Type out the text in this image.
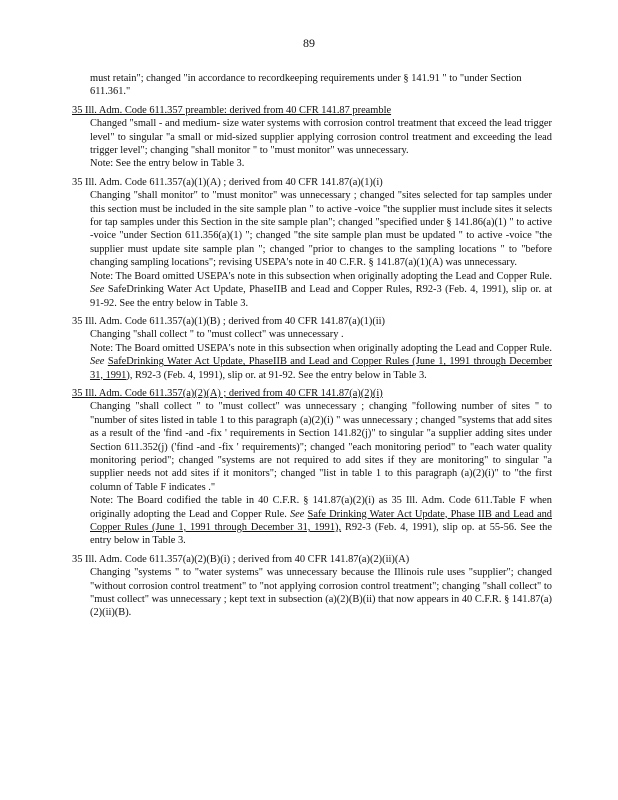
89

must retain"; changed "in accordance to recordkeeping requirements under § 141.91 " to "under Section 611.361."

35 Ill. Adm. Code 611.357 preamble: derived from 40 CFR 141.87 preamble

Changed "small - and medium- size water systems with corrosion control treatment that exceed the lead trigger level" to singular "a small or mid-sized supplier applying corrosion control treatment and exceeding the lead trigger level"; changing "shall monitor " to "must monitor" was unnecessary.

Note: See the entry below in Table 3.

35 Ill. Adm. Code 611.357(a)(1)(A) ; derived from 40 CFR 141.87(a)(1)(i)

Changing "shall monitor" to "must monitor" was unnecessary ; changed "sites selected for tap samples under this section must be included in the site sample plan " to active -voice "the supplier must include sites it selects for tap samples under this Section in the site sample plan"; changed "specified under § 141.86(a)(1) " to active -voice "under Section 611.356(a)(1) "; changed "the site sample plan must be updated " to active -voice "the supplier must update site sample plan "; changed "prior to changes to the sampling locations " to "before changing sampling locations"; revising USEPA's note in 40 C.F.R. § 141.87(a)(1)(A) was unnecessary.

Note: The Board omitted USEPA's note in this subsection when originally adopting the Lead and Copper Rule. See SafeDrinking Water Act Update, PhaseIIB and Lead and Copper Rules, R92-3 (Feb. 4, 1991), slip or. at 91-92. See the entry below in Table 3.

35 Ill. Adm. Code 611.357(a)(1)(B) ; derived from 40 CFR 141.87(a)(1)(ii)

Changing "shall collect " to "must collect" was unnecessary .

Note: The Board omitted USEPA's note in this subsection when originally adopting the Lead and Copper Rule. See SafeDrinking Water Act Update, PhaseIIB and Lead and Copper Rules (June 1, 1991 through December 31, 1991), R92-3 (Feb. 4, 1991), slip or. at 91-92. See the entry below in Table 3.

35 Ill. Adm. Code 611.357(a)(2)(A) ; derived from 40 CFR 141.87(a)(2)(i)

Changing "shall collect " to "must collect" was unnecessary ; changing "following number of sites " to "number of sites listed in table 1 to this paragraph (a)(2)(i) " was unnecessary ; changed "systems that add sites as a result of the 'find -and -fix ' requirements in Section 141.82(j)" to singular "a supplier adding sites under Section 611.352(j) ('find -and -fix ' requirements)"; changed "each monitoring period" to "each water quality monitoring period"; changed "systems are not required to add sites if they are monitoring" to singular "a supplier needs not add sites if it monitors"; changed "list in table 1 to this paragraph (a)(2)(i)" to "the first column of Table F indicates ."

Note: The Board codified the table in 40 C.F.R. § 141.87(a)(2)(i) as 35 Ill. Adm. Code 611.Table F when originally adopting the Lead and Copper Rule. See Safe Drinking Water Act Update, Phase IIB and Lead and Copper Rules (June 1, 1991 through December 31, 1991), R92-3 (Feb. 4, 1991), slip op. at 55-56. See the entry below in Table 3.

35 Ill. Adm. Code 611.357(a)(2)(B)(i) ; derived from 40 CFR 141.87(a)(2)(ii)(A)

Changing "systems " to "water systems" was unnecessary because the Illinois rule uses "supplier"; changed "without corrosion control treatment" to "not applying corrosion control treatment"; changing "shall collect" to "must collect" was unnecessary ; kept text in subsection (a)(2)(B)(ii) that now appears in 40 C.F.R. § 141.87(a)(2)(ii)(B).
